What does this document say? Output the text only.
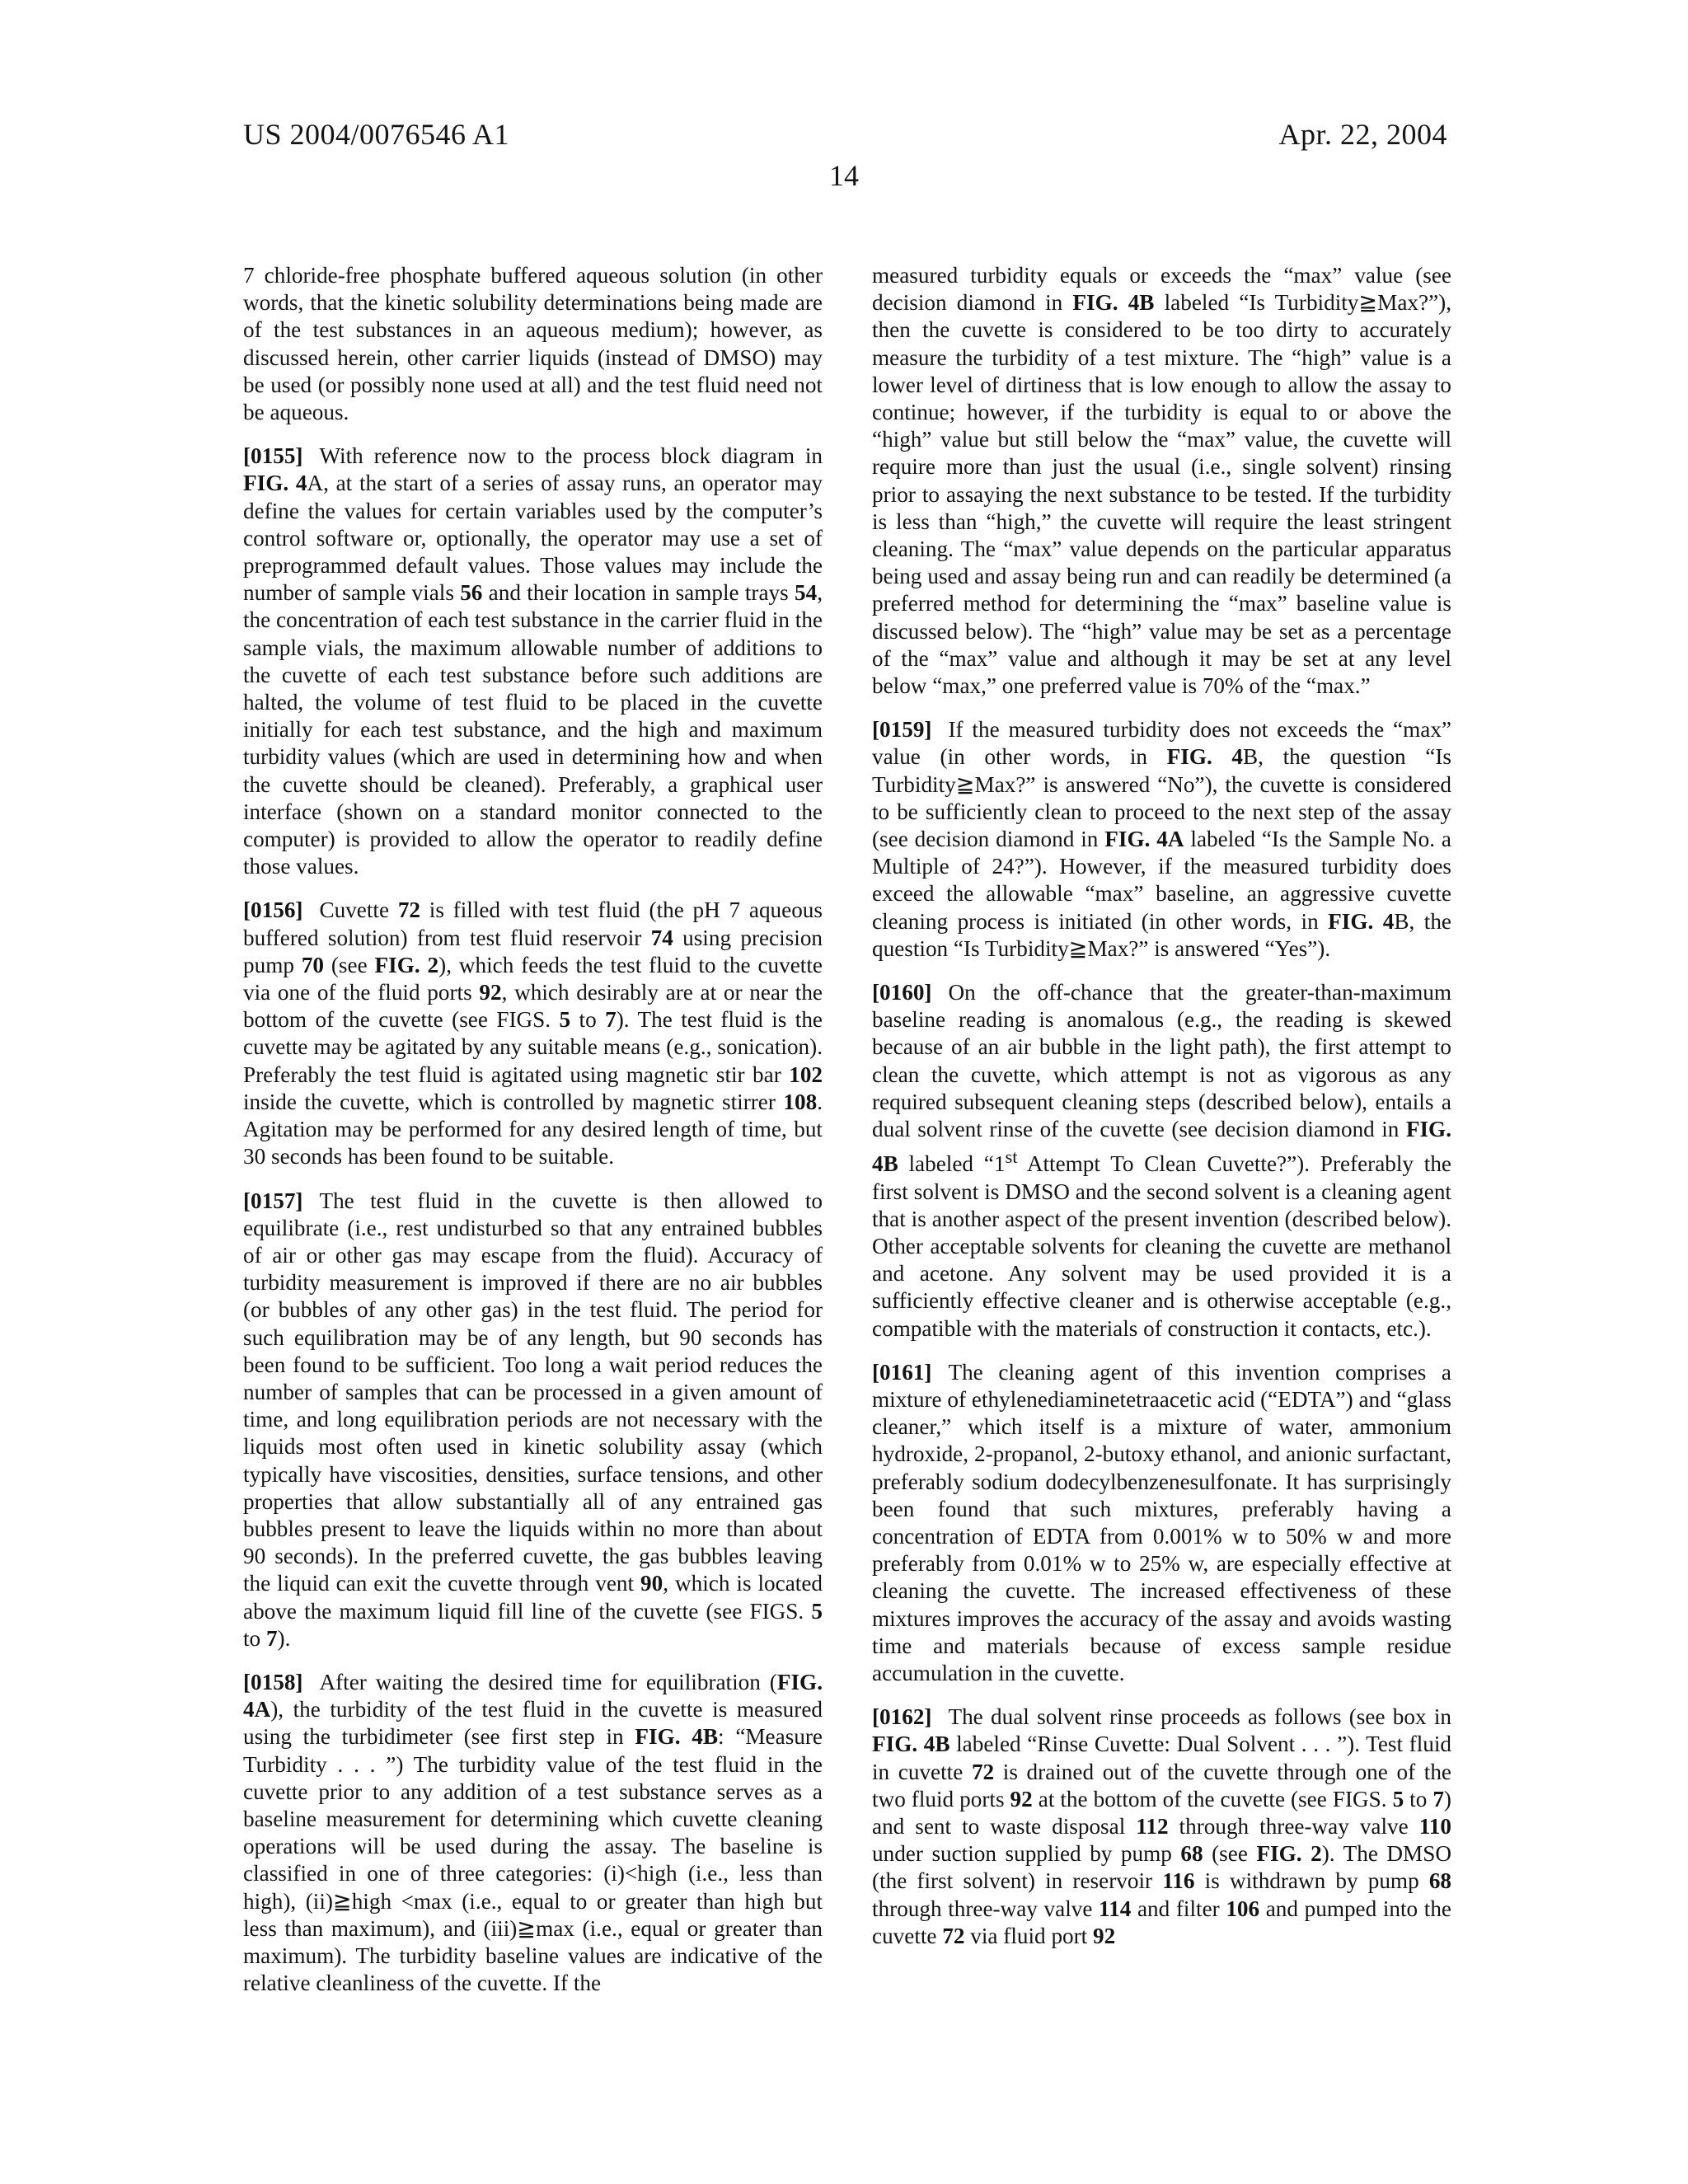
US 2004/0076546 A1	Apr. 22, 2004
14
7 chloride-free phosphate buffered aqueous solution (in other words, that the kinetic solubility determinations being made are of the test substances in an aqueous medium); however, as discussed herein, other carrier liquids (instead of DMSO) may be used (or possibly none used at all) and the test fluid need not be aqueous.
[0155] With reference now to the process block diagram in FIG. 4A, at the start of a series of assay runs, an operator may define the values for certain variables used by the computer’s control software or, optionally, the operator may use a set of preprogrammed default values. Those values may include the number of sample vials 56 and their location in sample trays 54, the concentration of each test substance in the carrier fluid in the sample vials, the maximum allowable number of additions to the cuvette of each test substance before such additions are halted, the volume of test fluid to be placed in the cuvette initially for each test substance, and the high and maximum turbidity values (which are used in determining how and when the cuvette should be cleaned). Preferably, a graphical user interface (shown on a standard monitor connected to the computer) is provided to allow the operator to readily define those values.
[0156] Cuvette 72 is filled with test fluid (the pH 7 aqueous buffered solution) from test fluid reservoir 74 using precision pump 70 (see FIG. 2), which feeds the test fluid to the cuvette via one of the fluid ports 92, which desirably are at or near the bottom of the cuvette (see FIGS. 5 to 7). The test fluid is the cuvette may be agitated by any suitable means (e.g., sonication). Preferably the test fluid is agitated using magnetic stir bar 102 inside the cuvette, which is controlled by magnetic stirrer 108. Agitation may be performed for any desired length of time, but 30 seconds has been found to be suitable.
[0157] The test fluid in the cuvette is then allowed to equilibrate (i.e., rest undisturbed so that any entrained bubbles of air or other gas may escape from the fluid). Accuracy of turbidity measurement is improved if there are no air bubbles (or bubbles of any other gas) in the test fluid. The period for such equilibration may be of any length, but 90 seconds has been found to be sufficient. Too long a wait period reduces the number of samples that can be processed in a given amount of time, and long equilibration periods are not necessary with the liquids most often used in kinetic solubility assay (which typically have viscosities, densities, surface tensions, and other properties that allow substantially all of any entrained gas bubbles present to leave the liquids within no more than about 90 seconds). In the preferred cuvette, the gas bubbles leaving the liquid can exit the cuvette through vent 90, which is located above the maximum liquid fill line of the cuvette (see FIGS. 5 to 7).
[0158] After waiting the desired time for equilibration (FIG. 4A), the turbidity of the test fluid in the cuvette is measured using the turbidimeter (see first step in FIG. 4B: “Measure Turbidity . . . ”) The turbidity value of the test fluid in the cuvette prior to any addition of a test substance serves as a baseline measurement for determining which cuvette cleaning operations will be used during the assay. The baseline is classified in one of three categories: (i)<high (i.e., less than high), (ii)≧high <max (i.e., equal to or greater than high but less than maximum), and (iii)≧max (i.e., equal or greater than maximum). The turbidity baseline values are indicative of the relative cleanliness of the cuvette. If the
measured turbidity equals or exceeds the “max” value (see decision diamond in FIG. 4B labeled “Is Turbidity≧Max?”), then the cuvette is considered to be too dirty to accurately measure the turbidity of a test mixture. The “high” value is a lower level of dirtiness that is low enough to allow the assay to continue; however, if the turbidity is equal to or above the “high” value but still below the “max” value, the cuvette will require more than just the usual (i.e., single solvent) rinsing prior to assaying the next substance to be tested. If the turbidity is less than “high,” the cuvette will require the least stringent cleaning. The “max” value depends on the particular apparatus being used and assay being run and can readily be determined (a preferred method for determining the “max” baseline value is discussed below). The “high” value may be set as a percentage of the “max” value and although it may be set at any level below “max,” one preferred value is 70% of the “max.”
[0159] If the measured turbidity does not exceeds the “max” value (in other words, in FIG. 4B, the question “Is Turbidity≧Max?” is answered “No”), the cuvette is considered to be sufficiently clean to proceed to the next step of the assay (see decision diamond in FIG. 4A labeled “Is the Sample No. a Multiple of 24?”). However, if the measured turbidity does exceed the allowable “max” baseline, an aggressive cuvette cleaning process is initiated (in other words, in FIG. 4B, the question “Is Turbidity≧Max?” is answered “Yes”).
[0160] On the off-chance that the greater-than-maximum baseline reading is anomalous (e.g., the reading is skewed because of an air bubble in the light path), the first attempt to clean the cuvette, which attempt is not as vigorous as any required subsequent cleaning steps (described below), entails a dual solvent rinse of the cuvette (see decision diamond in FIG. 4B labeled “1st Attempt To Clean Cuvette?”). Preferably the first solvent is DMSO and the second solvent is a cleaning agent that is another aspect of the present invention (described below). Other acceptable solvents for cleaning the cuvette are methanol and acetone. Any solvent may be used provided it is a sufficiently effective cleaner and is otherwise acceptable (e.g., compatible with the materials of construction it contacts, etc.).
[0161] The cleaning agent of this invention comprises a mixture of ethylenediaminetetraacetic acid (“EDTA”) and “glass cleaner,” which itself is a mixture of water, ammonium hydroxide, 2-propanol, 2-butoxy ethanol, and anionic surfactant, preferably sodium dodecylbenzenesulfonate. It has surprisingly been found that such mixtures, preferably having a concentration of EDTA from 0.001% w to 50% w and more preferably from 0.01% w to 25% w, are especially effective at cleaning the cuvette. The increased effectiveness of these mixtures improves the accuracy of the assay and avoids wasting time and materials because of excess sample residue accumulation in the cuvette.
[0162] The dual solvent rinse proceeds as follows (see box in FIG. 4B labeled “Rinse Cuvette: Dual Solvent . . . ”). Test fluid in cuvette 72 is drained out of the cuvette through one of the two fluid ports 92 at the bottom of the cuvette (see FIGS. 5 to 7) and sent to waste disposal 112 through three-way valve 110 under suction supplied by pump 68 (see FIG. 2). The DMSO (the first solvent) in reservoir 116 is withdrawn by pump 68 through three-way valve 114 and filter 106 and pumped into the cuvette 72 via fluid port 92
